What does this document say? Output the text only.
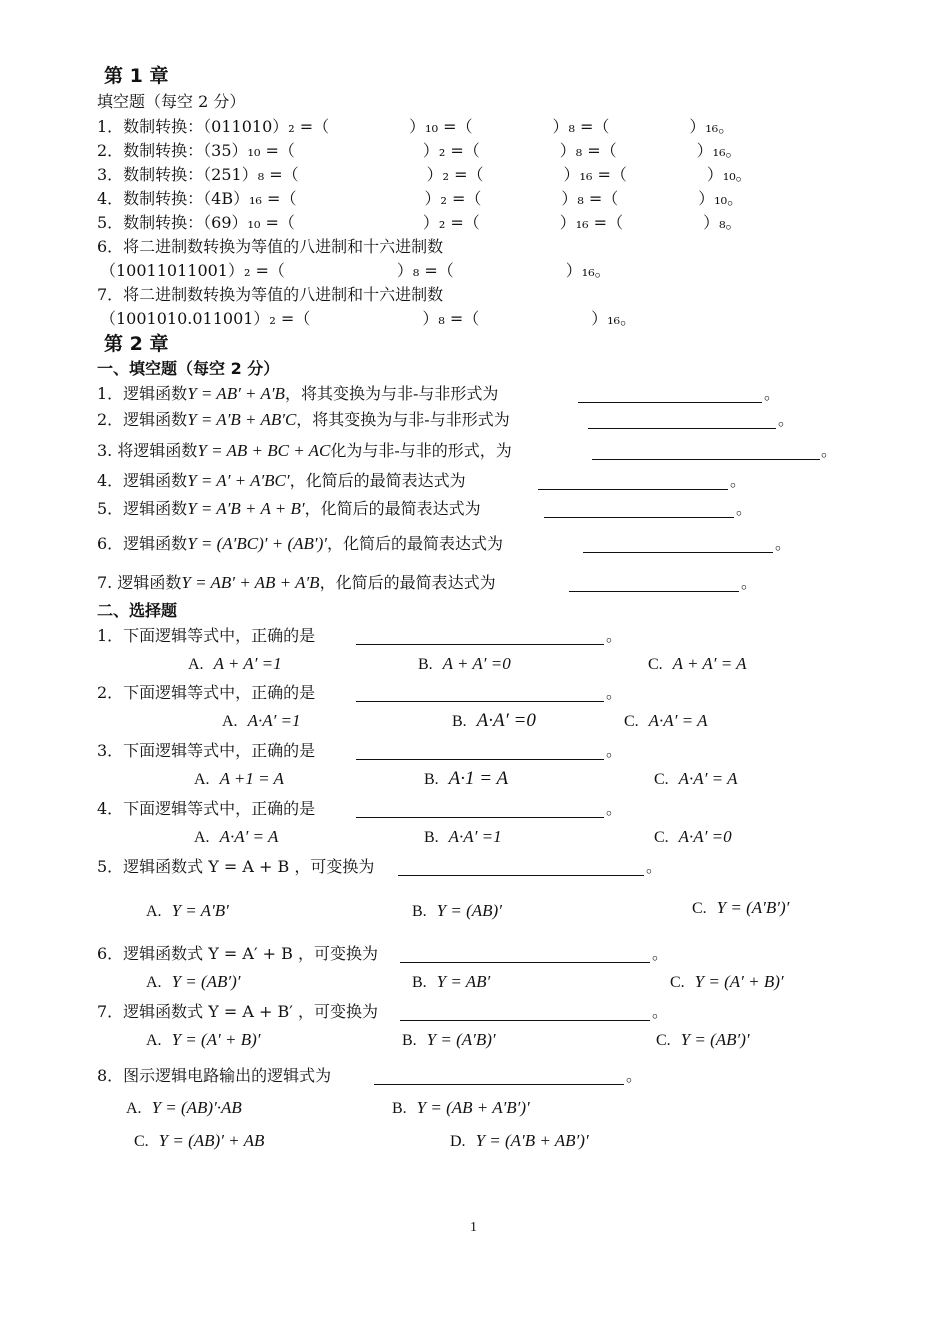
第 1 章
填空题（每空 2 分）
1．数制转换：（011010）₂ =（　　　　　）₁₀ =（　　　　　）₈ =（　　　　　）₁₆。
2．数制转换：（35）₁₀ =（　　　　　　　　）₂ =（　　　　　）₈ =（　　　　　）₁₆。
3．数制转换：（251）₈ =（　　　　　　　　）₂ =（　　　　　）₁₆ =（　　　　　）₁₀。
4．数制转换：（4B）₁₆ =（　　　　　　　　）₂ =（　　　　　）₈ =（　　　　　）₁₀。
5．数制转换：（69）₁₀ =（　　　　　　　　）₂ =（　　　　　）₁₆ =（　　　　　）₈。
6．将二进制数转换为等值的八进制和十六进制数
（10011011001）₂ =（　　　　　　　）₈ =（　　　　　　　）₁₆。
7．将二进制数转换为等值的八进制和十六进制数
（1001010.011001）₂ =（　　　　　　　）₈ =（　　　　　　　）₁₆。
第 2 章
一、填空题（每空 2 分）
1．逻辑函数Y = AB′ + A′B，将其变换为与非-与非形式为	。
2．逻辑函数Y = A′B + AB′C，将其变换为与非-与非形式为	。
3. 将逻辑函数Y = AB + BC + AC化为与非-与非的形式，为	。
4．逻辑函数Y = A′ + A′BC′，化简后的最简表达式为	。
5．逻辑函数Y = A′B + A + B′，化简后的最简表达式为	。
6．逻辑函数Y = (A′BC)′ + (AB′)′，化简后的最简表达式为	。
7. 逻辑函数Y = AB′ + AB + A′B，化简后的最简表达式为	。
二、选择题
1．下面逻辑等式中，正确的是	。
A. A + A′ =1	B. A + A′ =0	C. A + A′ = A
2．下面逻辑等式中，正确的是	。
A. A·A′ =1	B. A·A′ =0	C. A·A′ = A
3．下面逻辑等式中，正确的是	。
A. A +1 = A	B. A·1 = A	C. A·A′ = A
4．下面逻辑等式中，正确的是	。
A. A·A′ = A	B. A·A′ =1	C. A·A′ =0
5．逻辑函数式 Y = A + B ，可变换为	。
A. Y = A′B′	B. Y = (AB)′	C. Y = (A′B′)′
6．逻辑函数式 Y = A′ + B ，可变换为	。
A. Y = (AB′)′	B. Y = AB′	C. Y = (A′ + B)′
7．逻辑函数式 Y = A + B′ ，可变换为	。
A. Y = (A′ + B)′	B. Y = (A′B)′	C. Y = (AB′)′
8．图示逻辑电路输出的逻辑式为	。
A. Y = (AB)′·AB	B. Y = (AB + A′B′)′
C. Y = (AB)′ + AB	D. Y = (A′B + AB′)′
1
